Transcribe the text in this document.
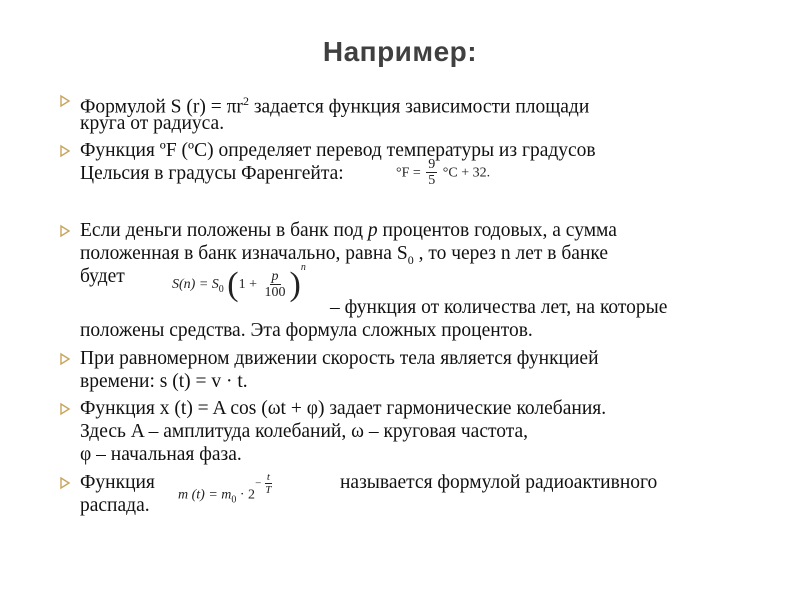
Например:
Формулой S $(r) = \pi r^2$ задается функция зависимости площади
круга от радиуса.
Функция ºF (ºC) определяет перевод температуры из градусов
Цельсия в градусы Фаренгейта:	$^\circ F = \frac{9}{5} ^\circ C + 32$.
Если деньги положены в банк под p процентов годовых, а сумма
положенная в банк изначально, равна $S_0$ , то через n лет в банке
будет
– функция от количества лет, на которые
положены средства. Эта формула сложных процентов.
$S(n) = S_0$ $(1 + \frac{p}{100} )^n$
При равномерном движении скорость тела является функцией
времени: s (t) = v · t.
Функция x (t) = A cos (ωt + φ) задает гармонические колебания.
Здесь A – амплитуда колебаний, ω – круговая частота,
φ – начальная фаза.
Функция	называется формулой радиоактивного
распада. m $(t) = m_0 \cdot 2- \frac{t}{T}$
